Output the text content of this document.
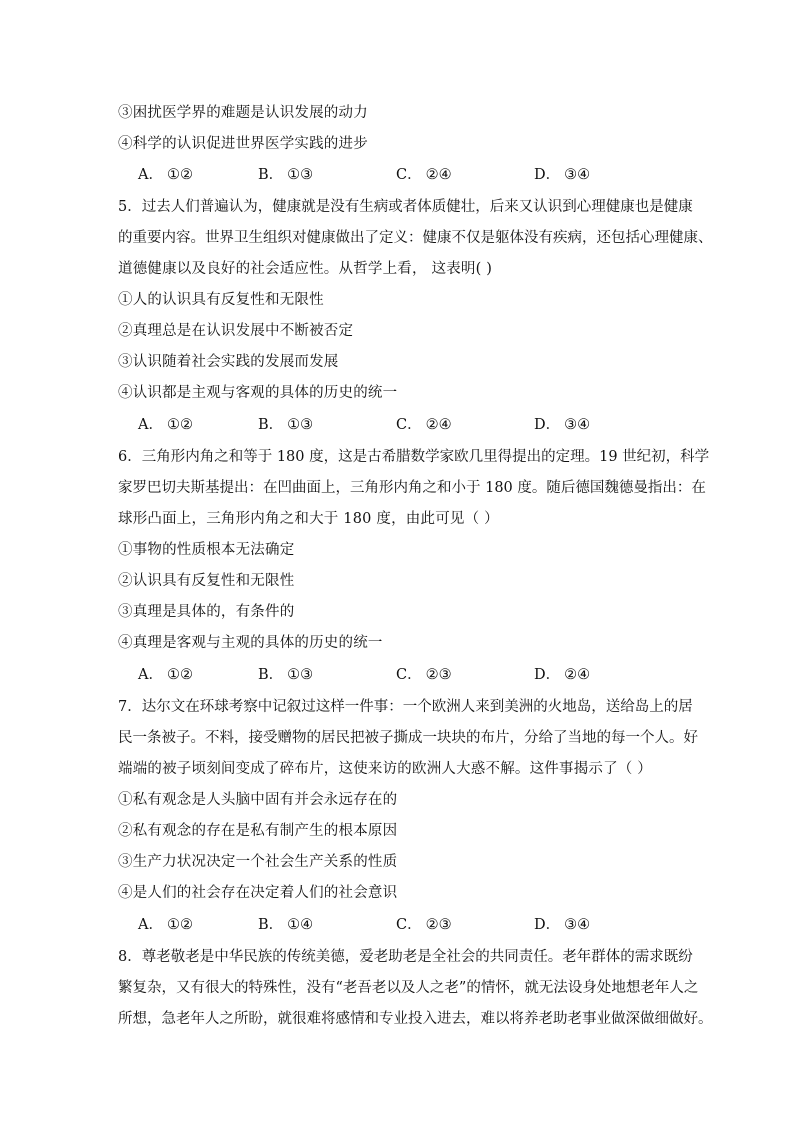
③困扰医学界的难题是认识发展的动力
④科学的认识促进世界医学实践的进步
A． ①②	B． ①③	C． ②④	D． ③④
5．过去人们普遍认为，健康就是没有生病或者体质健壮，后来又认识到心理健康也是健康
的重要内容。世界卫生组织对健康做出了定义：健康不仅是躯体没有疾病，还包括心理健康、
道德健康以及良好的社会适应性。从哲学上看， 这表明( )
①人的认识具有反复性和无限性
②真理总是在认识发展中不断被否定
③认识随着社会实践的发展而发展
④认识都是主观与客观的具体的历史的统一
A． ①②	B． ①③	C． ②④	D． ③④
6．三角形内角之和等于 180 度，这是古希腊数学家欧几里得提出的定理。19 世纪初，科学
家罗巴切夫斯基提出：在凹曲面上，三角形内角之和小于 180 度。随后德国魏德曼指出：在
球形凸面上，三角形内角之和大于 180 度，由此可见（ ）
①事物的性质根本无法确定
②认识具有反复性和无限性
③真理是具体的，有条件的
④真理是客观与主观的具体的历史的统一
A． ①②	B． ①③	C． ②③	D． ②④
7．达尔文在环球考察中记叙过这样一件事：一个欧洲人来到美洲的火地岛，送给岛上的居
民一条被子。不料，接受赠物的居民把被子撕成一块块的布片，分给了当地的每一个人。好
端端的被子顷刻间变成了碎布片，这使来访的欧洲人大惑不解。这件事揭示了（ ）
①私有观念是人头脑中固有并会永远存在的
②私有观念的存在是私有制产生的根本原因
③生产力状况决定一个社会生产关系的性质
④是人们的社会存在决定着人们的社会意识
A． ①②	B． ①④	C． ②③	D． ③④
8．尊老敬老是中华民族的传统美德，爱老助老是全社会的共同责任。老年群体的需求既纷
繁复杂，又有很大的特殊性，没有“老吾老以及人之老”的情怀，就无法设身处地想老年人之
所想，急老年人之所盼，就很难将感情和专业投入进去，难以将养老助老事业做深做细做好。
